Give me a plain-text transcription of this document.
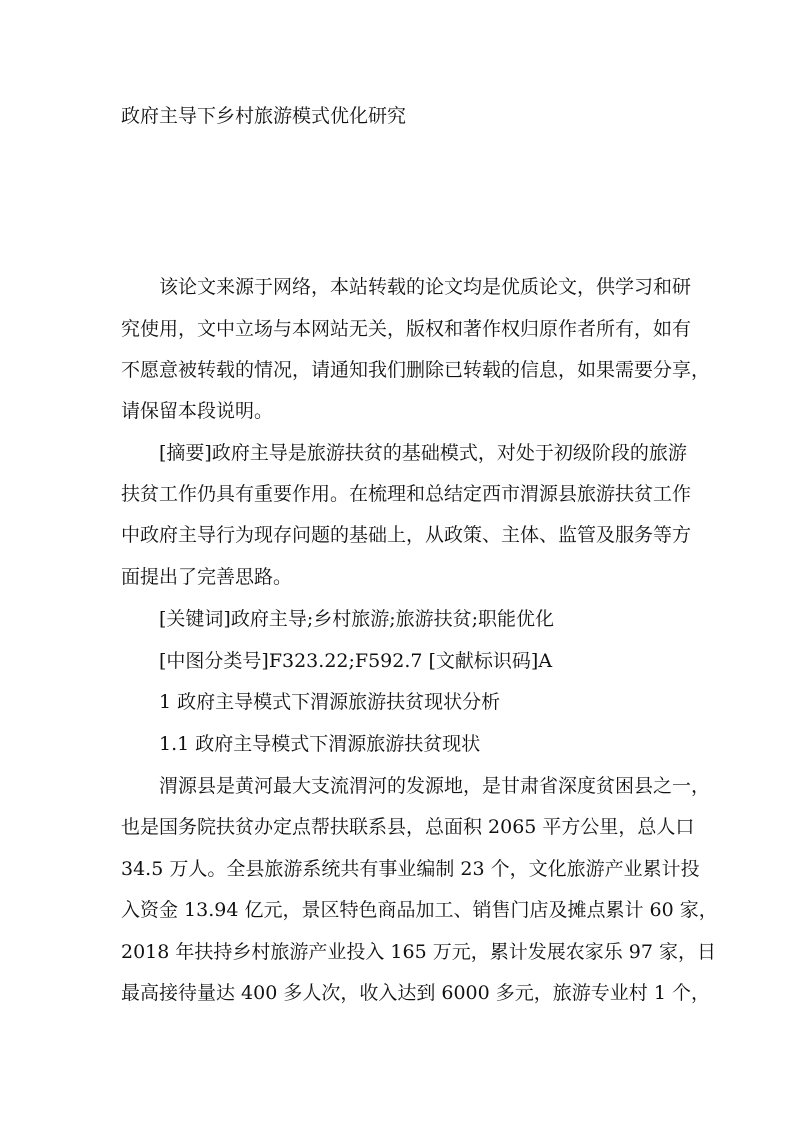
政府主导下乡村旅游模式优化研究
该论文来源于网络，本站转载的论文均是优质论文，供学习和研
究使用，文中立场与本网站无关，版权和著作权归原作者所有，如有
不愿意被转载的情况，请通知我们删除已转载的信息，如果需要分享，
请保留本段说明。
[摘要]政府主导是旅游扶贫的基础模式，对处于初级阶段的旅游
扶贫工作仍具有重要作用。在梳理和总结定西市渭源县旅游扶贫工作
中政府主导行为现存问题的基础上，从政策、主体、监管及服务等方
面提出了完善思路。
[关键词]政府主导;乡村旅游;旅游扶贫;职能优化
[中图分类号]F323.22;F592.7 [文献标识码]A
1 政府主导模式下渭源旅游扶贫现状分析
1.1 政府主导模式下渭源旅游扶贫现状
渭源县是黄河最大支流渭河的发源地，是甘肃省深度贫困县之一，
也是国务院扶贫办定点帮扶联系县，总面积 2065 平方公里，总人口
34.5 万人。全县旅游系统共有事业编制 23 个，文化旅游产业累计投
入资金 13.94 亿元，景区特色商品加工、销售门店及摊点累计 60 家，
2018 年扶持乡村旅游产业投入 165 万元，累计发展农家乐 97 家，日
最高接待量达 400 多人次，收入达到 6000 多元，旅游专业村 1 个，
